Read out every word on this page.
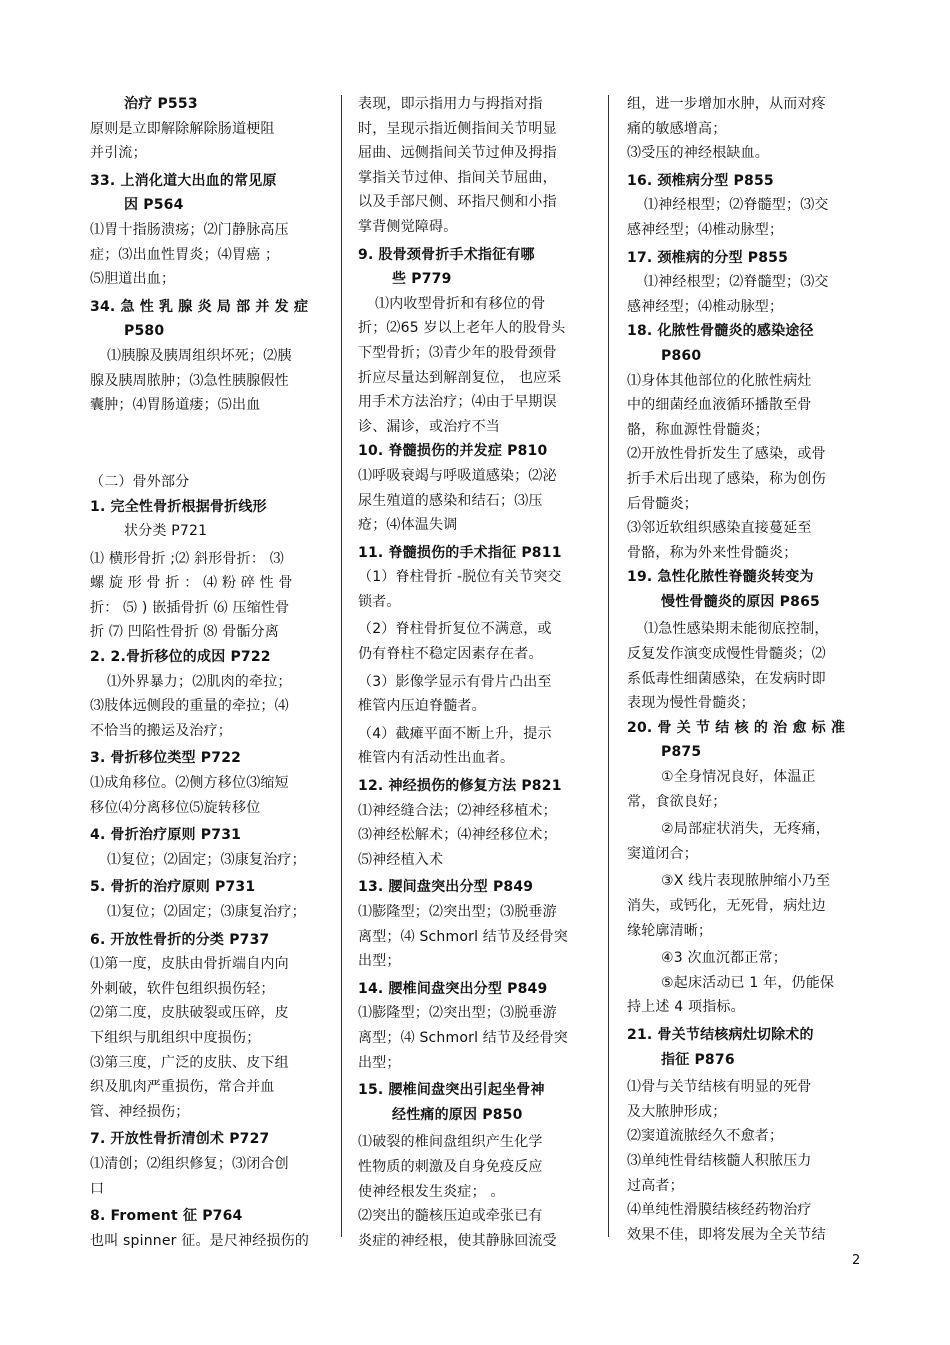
治疗 P553
原则是立即解除解除肠道梗阻
并引流；
33. 上消化道大出血的常见原
因 P564
⑴胃十指肠溃疡；⑵门静脉高压
症；⑶出血性胃炎；⑷胃癌 ；
⑸胆道出血；
34. 急 性 乳 腺 炎 局 部 并 发 症
P580
⑴胰腺及胰周组织坏死；⑵胰
腺及胰周脓肿；⑶急性胰腺假性
囊肿；⑷胃肠道瘘；⑸出血

（二）骨外部分
1. 完全性骨折根据骨折线形
状分类 P721
⑴ 横形骨折 ;⑵ 斜形骨折： ⑶
螺 旋 形 骨 折 ： ⑷ 粉 碎 性 骨
折： ⑸ ) 嵌插骨折 ⑹ 压缩性骨
折 ⑺ 凹陷性骨折 ⑻ 骨骺分离
2. 2.骨折移位的成因 P722
⑴外界暴力；⑵肌肉的牵拉；
⑶肢体远侧段的重量的牵拉；⑷
不恰当的搬运及治疗；
3. 骨折移位类型 P722
⑴成角移位。⑵侧方移位⑶缩短
移位⑷分离移位⑸旋转移位
4. 骨折治疗原则 P731
⑴复位；⑵固定；⑶康复治疗；
5. 骨折的治疗原则 P731
⑴复位；⑵固定；⑶康复治疗；
6. 开放性骨折的分类 P737
⑴第一度，皮肤由骨折端自内向
外刺破，软件包组织损伤轻；
⑵第二度，皮肤破裂或压碎，皮
下组织与肌组织中度损伤；
⑶第三度，广泛的皮肤、皮下组
织及肌肉严重损伤，常合并血
管、神经损伤；
7. 开放性骨折清创术 P727
⑴清创；⑵组织修复；⑶闭合创
口
8. Froment 征 P764
也叫 spinner 征。是尺神经损伤的
表现，即示指用力与拇指对指
时，呈现示指近侧指间关节明显
屈曲、远侧指间关节过伸及拇指
掌指关节过伸、指间关节屈曲，
以及手部尺侧、环指尺侧和小指
掌背侧觉障碍。
9. 股骨颈骨折手术指征有哪
些 P779
⑴内收型骨折和有移位的骨
折；⑵65 岁以上老年人的股骨头
下型骨折；⑶青少年的股骨颈骨
折应尽量达到解剖复位， 也应采
用手术方法治疗；⑷由于早期误
诊、漏诊，或治疗不当
10. 脊髓损伤的并发症 P810
⑴呼吸衰竭与呼吸道感染；⑵泌
尿生殖道的感染和结石；⑶压
疮；⑷体温失调
11. 脊髓损伤的手术指征 P811
（1）脊柱骨折 -脱位有关节突交
锁者。
（2）脊柱骨折复位不满意，或
仍有脊柱不稳定因素存在者。
（3）影像学显示有骨片凸出至
椎管内压迫脊髓者。
（4）截瘫平面不断上升，提示
椎管内有活动性出血者。
12. 神经损伤的修复方法 P821
⑴神经缝合法；⑵神经移植术；
⑶神经松解术；⑷神经移位术；
⑸神经植入术
13. 腰间盘突出分型 P849
⑴膨隆型；⑵突出型；⑶脱垂游
离型；⑷ Schmorl 结节及经骨突
出型；
14. 腰椎间盘突出分型 P849
⑴膨隆型；⑵突出型；⑶脱垂游
离型；⑷ Schmorl 结节及经骨突
出型；
15. 腰椎间盘突出引起坐骨神
经性痛的原因 P850
⑴破裂的椎间盘组织产生化学
性物质的刺激及自身免疫反应
使神经根发生炎症； 。
⑵突出的髓核压迫或牵张已有
炎症的神经根，使其静脉回流受
组，进一步增加水肿，从而对疼
痛的敏感增高；
⑶受压的神经根缺血。
16. 颈椎病分型 P855
⑴神经根型；⑵脊髓型；⑶交
感神经型；⑷椎动脉型；
17. 颈椎病的分型 P855
⑴神经根型；⑵脊髓型；⑶交
感神经型；⑷椎动脉型；
18. 化脓性骨髓炎的感染途径
P860
⑴身体其他部位的化脓性病灶
中的细菌经血液循环播散至骨
骼，称血源性骨髓炎；
⑵开放性骨折发生了感染，或骨
折手术后出现了感染，称为创伤
后骨髓炎；
⑶邻近软组织感染直接蔓延至
骨骼，称为外来性骨髓炎；
19. 急性化脓性脊髓炎转变为
慢性骨髓炎的原因 P865
⑴急性感染期未能彻底控制，
反复发作演变成慢性骨髓炎；⑵
系低毒性细菌感染，在发病时即
表现为慢性骨髓炎；
20. 骨 关 节 结 核 的 治 愈 标 准
P875
①全身情况良好，体温正
常，食欲良好；
②局部症状消失，无疼痛，
窦道闭合；
③X 线片表现脓肿缩小乃至
消失，或钙化，无死骨，病灶边
缘轮廓清晰；
④3 次血沉都正常；
⑤起床活动已 1 年，仍能保
持上述 4 项指标。
21. 骨关节结核病灶切除术的
指征 P876
⑴骨与关节结核有明显的死骨
及大脓肿形成；
⑵窦道流脓经久不愈者；
⑶单纯性骨结核髓人积脓压力
过高者；
⑷单纯性滑膜结核经药物治疗
效果不佳，即将发展为全关节结
2
